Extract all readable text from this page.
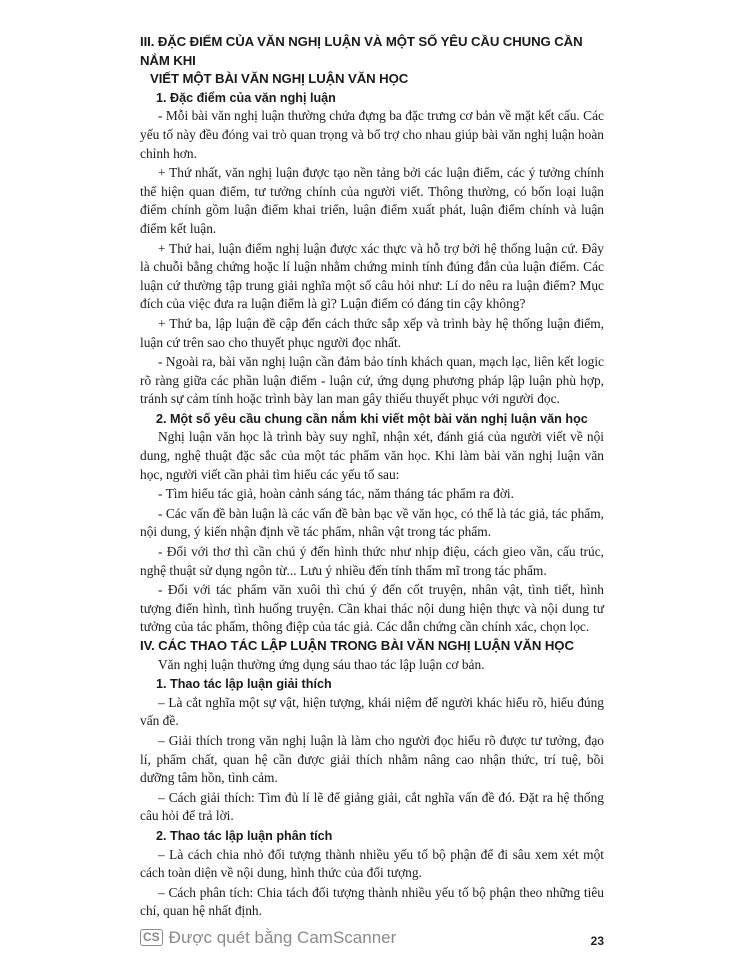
III. ĐẶC ĐIỂM CỦA VĂN NGHỊ LUẬN VÀ MỘT SỐ YÊU CẦU CHUNG CẦN NẮM KHI
VIẾT MỘT BÀI VĂN NGHỊ LUẬN VĂN HỌC
1. Đặc điểm của văn nghị luận

- Mỗi bài văn nghị luận thường chứa đựng ba đặc trưng cơ bản về mặt kết cấu. Các yếu tố này đều đóng vai trò quan trọng và bổ trợ cho nhau giúp bài văn nghị luận hoàn chỉnh hơn.

+ Thứ nhất, văn nghị luận được tạo nền tảng bởi các luận điểm, các ý tưởng chính thể hiện quan điểm, tư tưởng chính của người viết. Thông thường, có bốn loại luận điểm chính gồm luận điểm khai triển, luận điểm xuất phát, luận điểm chính và luận điểm kết luận.

+ Thứ hai, luận điểm nghị luận được xác thực và hỗ trợ bởi hệ thống luận cứ. Đây là chuỗi bằng chứng hoặc lí luận nhằm chứng minh tính đúng đắn của luận điểm. Các luận cứ thường tập trung giải nghĩa một số câu hỏi như: Lí do nêu ra luận điểm? Mục đích của việc đưa ra luận điểm là gì? Luận điểm có đáng tin cậy không?

+ Thứ ba, lập luận đề cập đến cách thức sắp xếp và trình bày hệ thống luận điểm, luận cứ trên sao cho thuyết phục người đọc nhất.

- Ngoài ra, bài văn nghị luận cần đảm bảo tính khách quan, mạch lạc, liên kết logic rõ ràng giữa các phần luận điểm - luận cứ, ứng dụng phương pháp lập luận phù hợp, tránh sự cảm tính hoặc trình bày lan man gây thiếu thuyết phục với người đọc.

2. Một số yêu cầu chung cần nắm khi viết một bài văn nghị luận văn học

Nghị luận văn học là trình bày suy nghĩ, nhận xét, đánh giá của người viết về nội dung, nghệ thuật đặc sắc của một tác phẩm văn học. Khi làm bài văn nghị luận văn học, người viết cần phải tìm hiểu các yếu tố sau:

- Tìm hiểu tác giả, hoàn cảnh sáng tác, năm tháng tác phẩm ra đời.

- Các vấn đề bàn luận là các vấn đề bàn bạc về văn học, có thể là tác giả, tác phẩm, nội dung, ý kiến nhận định về tác phẩm, nhân vật trong tác phẩm.

- Đối với thơ thì cần chú ý đến hình thức như nhịp điệu, cách gieo vần, cấu trúc, nghệ thuật sử dụng ngôn từ... Lưu ý nhiều đến tính thẩm mĩ trong tác phẩm.

- Đối với tác phẩm văn xuôi thì chú ý đến cốt truyện, nhân vật, tình tiết, hình tượng điển hình, tình huống truyện. Cần khai thác nội dung hiện thực và nội dung tư tưởng của tác phẩm, thông điệp của tác giả. Các dẫn chứng cần chính xác, chọn lọc.

IV. CÁC THAO TÁC LẬP LUẬN TRONG BÀI VĂN NGHỊ LUẬN VĂN HỌC

Văn nghị luận thường ứng dụng sáu thao tác lập luận cơ bản.

1. Thao tác lập luận giải thích

– Là cắt nghĩa một sự vật, hiện tượng, khái niệm để người khác hiểu rõ, hiểu đúng vấn đề.

– Giải thích trong văn nghị luận là làm cho người đọc hiểu rõ được tư tưởng, đạo lí, phẩm chất, quan hệ cần được giải thích nhằm nâng cao nhận thức, trí tuệ, bồi dưỡng tâm hồn, tình cảm.

– Cách giải thích: Tìm đủ lí lẽ để giảng giải, cắt nghĩa vấn đề đó. Đặt ra hệ thống câu hỏi để trả lời.

2. Thao tác lập luận phân tích

– Là cách chia nhỏ đối tượng thành nhiều yếu tố bộ phận để đi sâu xem xét một cách toàn diện về nội dung, hình thức của đối tượng.

– Cách phân tích: Chia tách đối tượng thành nhiều yếu tố bộ phận theo những tiêu chí, quan hệ nhất định.

CS Được quét bằng CamScanner	23
